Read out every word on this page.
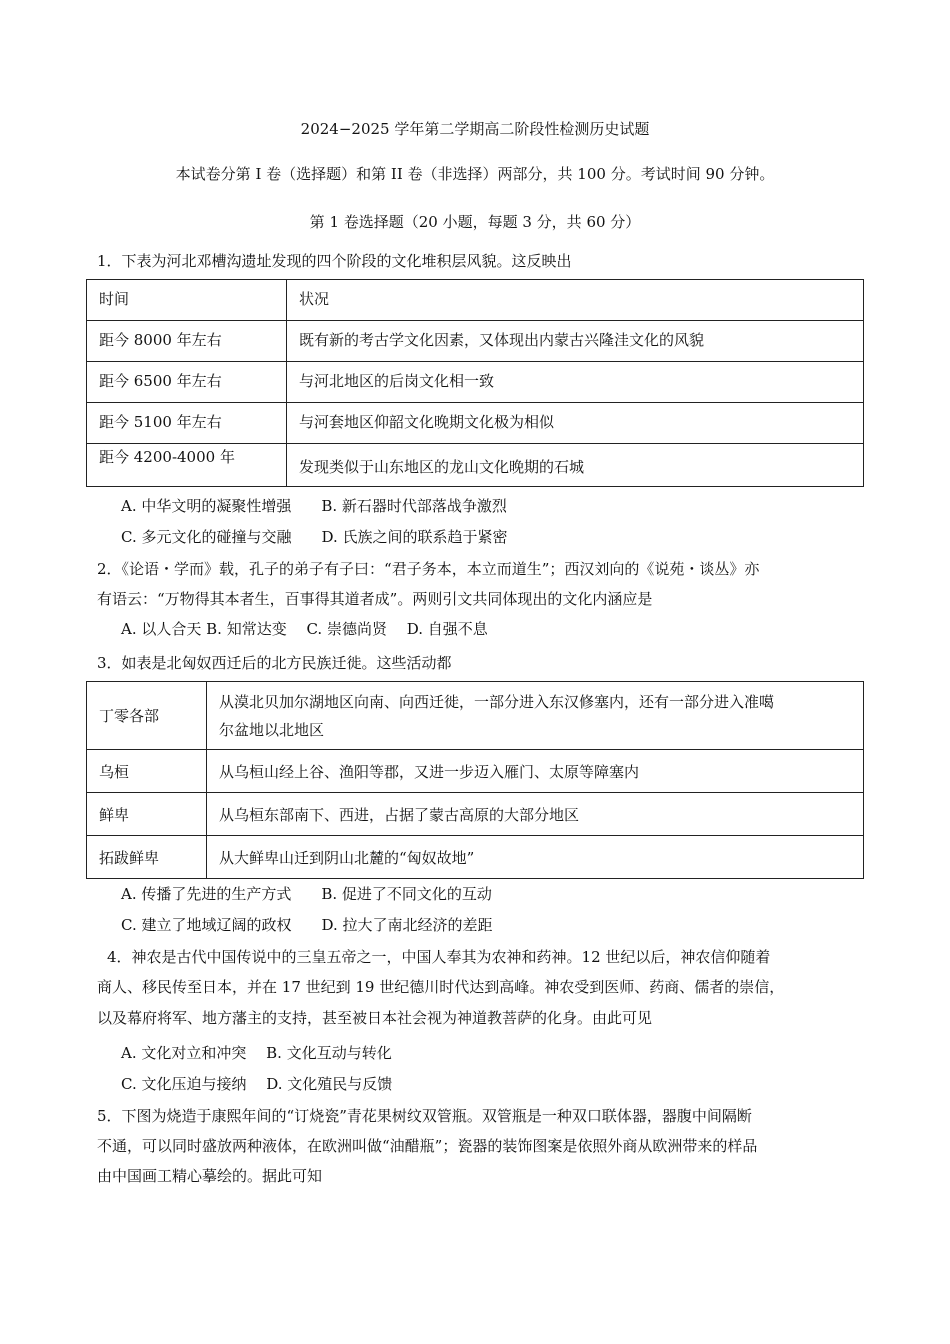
2024−2025 学年第二学期高二阶段性检测历史试题
本试卷分第 I 卷（选择题）和第 II 卷（非选择）两部分，共 100 分。考试时间 90 分钟。
第 1 卷选择题（20 小题，每题 3 分，共 60 分）
1．下表为河北邓槽沟遗址发现的四个阶段的文化堆积层风貌。这反映出
时间	状况
距今 8000 年左右	既有新的考古学文化因素，又体现出内蒙古兴隆洼文化的风貌
距今 6500 年左右	与河北地区的后岗文化相一致
距今 5100 年左右	与河套地区仰韶文化晚期文化极为相似
距今 4200-4000 年	发现类似于山东地区的龙山文化晚期的石城
A. 中华文明的凝聚性增强　　B. 新石器时代部落战争激烈
C. 多元文化的碰撞与交融　　D. 氏族之间的联系趋于紧密
2．《论语・学而》载，孔子的弟子有子曰：“君子务本，本立而道生”；西汉刘向的《说苑・谈丛》亦
有语云：“万物得其本者生，百事得其道者成”。两则引文共同体现出的文化内涵应是
A. 以人合天 B. 知常达变　 C. 崇德尚贤　 D. 自强不息
3．如表是北匈奴西迁后的北方民族迁徙。这些活动都
丁零各部	从漠北贝加尔湖地区向南、向西迁徙，一部分进入东汉修塞内，还有一部分进入准噶
尔盆地以北地区

乌桓	从乌桓山经上谷、渔阳等郡，又进一步迈入雁门、太原等障塞内
鲜卑	从乌桓东部南下、西进，占据了蒙古高原的大部分地区
拓跋鲜卑	从大鲜卑山迁到阴山北麓的“匈奴故地”
A. 传播了先进的生产方式　　B. 促进了不同文化的互动
C. 建立了地域辽阔的政权　　D. 拉大了南北经济的差距
4．神农是古代中国传说中的三皇五帝之一，中国人奉其为农神和药神。12 世纪以后，神农信仰随着
商人、移民传至日本，并在 17 世纪到 19 世纪德川时代达到高峰。神农受到医师、药商、儒者的崇信，
以及幕府将军、地方藩主的支持，甚至被日本社会视为神道教菩萨的化身。由此可见
A. 文化对立和冲突　 B. 文化互动与转化
C. 文化压迫与接纳　 D. 文化殖民与反馈
5．下图为烧造于康熙年间的“订烧瓷”青花果树纹双管瓶。双管瓶是一种双口联体器，器腹中间隔断
不通，可以同时盛放两种液体，在欧洲叫做“油醋瓶”；瓷器的装饰图案是依照外商从欧洲带来的样品
由中国画工精心摹绘的。据此可知
